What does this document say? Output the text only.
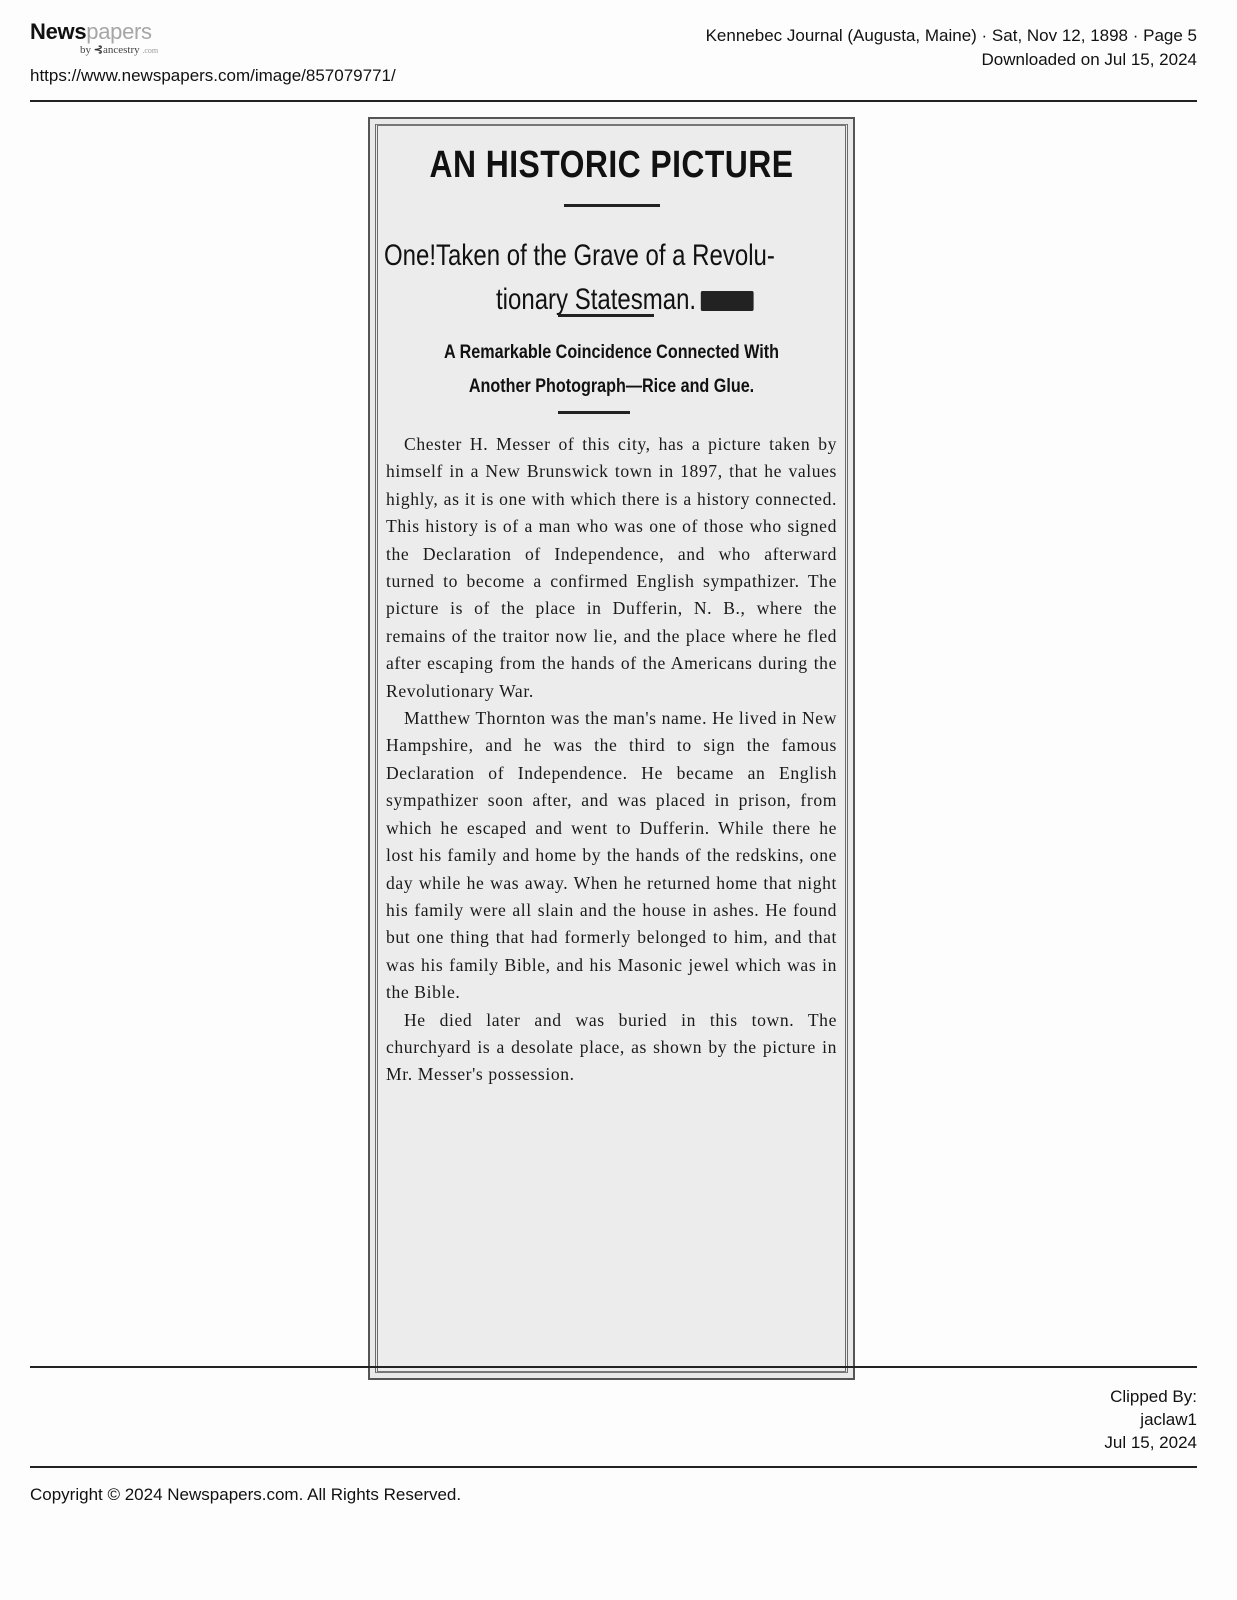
Newspapers
by ⊰ancestry .com
https://www.newspapers.com/image/857079771/
Kennebec Journal (Augusta, Maine) · Sat, Nov 12, 1898 · Page 5
Downloaded on Jul 15, 2024
AN HISTORIC PICTURE
One!Taken of the Grave of a Revolu-
tionary Statesman.
A Remarkable Coincidence Connected With
Another Photograph—Rice and Glue.

Chester H. Messer of this city, has a picture taken by himself in a New Brunswick town in 1897, that he values highly, as it is one with which there is a history connected. This history is of a man who was one of those who signed the Declaration of Independence, and who afterward turned to become a confirmed English sympathizer. The picture is of the place in Dufferin, N. B., where the remains of the traitor now lie, and the place where he fled after escaping from the hands of the Americans during the Revolutionary War.

Matthew Thornton was the man's name. He lived in New Hampshire, and he was the third to sign the famous Declaration of Independence. He became an English sympathizer soon after, and was placed in prison, from which he escaped and went to Dufferin. While there he lost his family and home by the hands of the redskins, one day while he was away. When he returned home that night his family were all slain and the house in ashes. He found but one thing that had formerly belonged to him, and that was his family Bible, and his Masonic jewel which was in the Bible.

He died later and was buried in this town. The churchyard is a desolate place, as shown by the picture in Mr. Messer's possession.

Clipped By:
jaclaw1
Jul 15, 2024
Copyright © 2024 Newspapers.com. All Rights Reserved.
